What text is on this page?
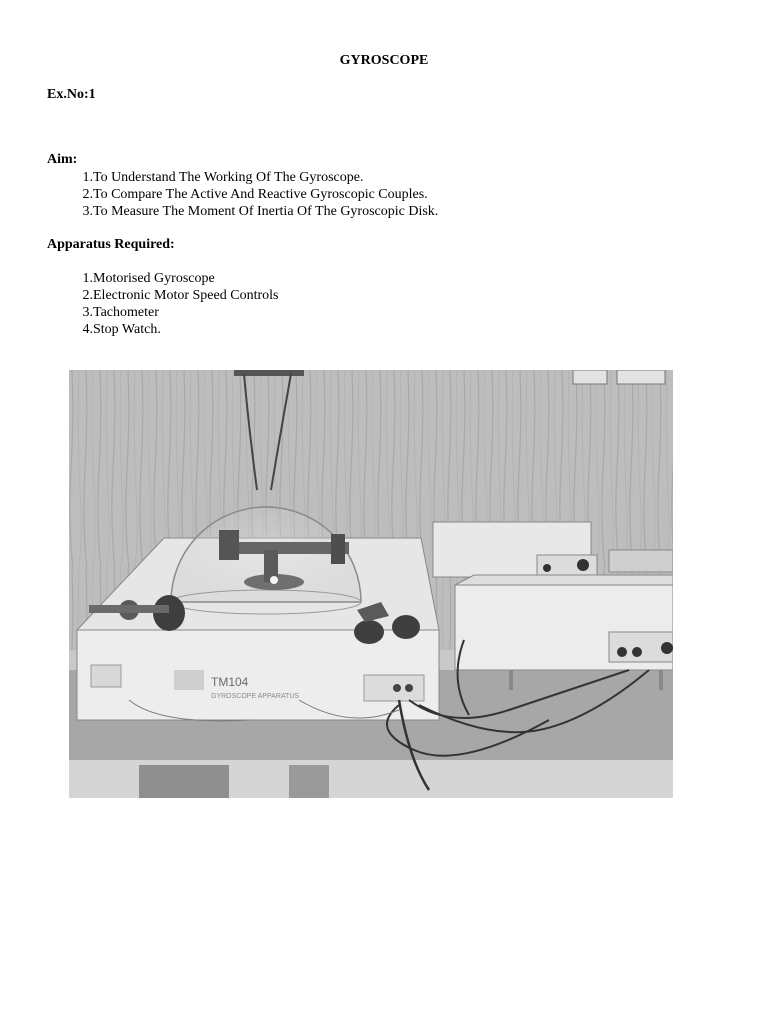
GYROSCOPE
Ex.No:1
Aim:
1. To Understand The Working Of The Gyroscope.
2. To Compare The Active And Reactive Gyroscopic Couples.
3. To Measure The Moment Of Inertia Of The Gyroscopic Disk.
Apparatus Required:
1. Motorised Gyroscope
2. Electronic Motor Speed Controls
3. Tachometer
4. Stop Watch.
TM104
GYROSCOPE APPARATUS
